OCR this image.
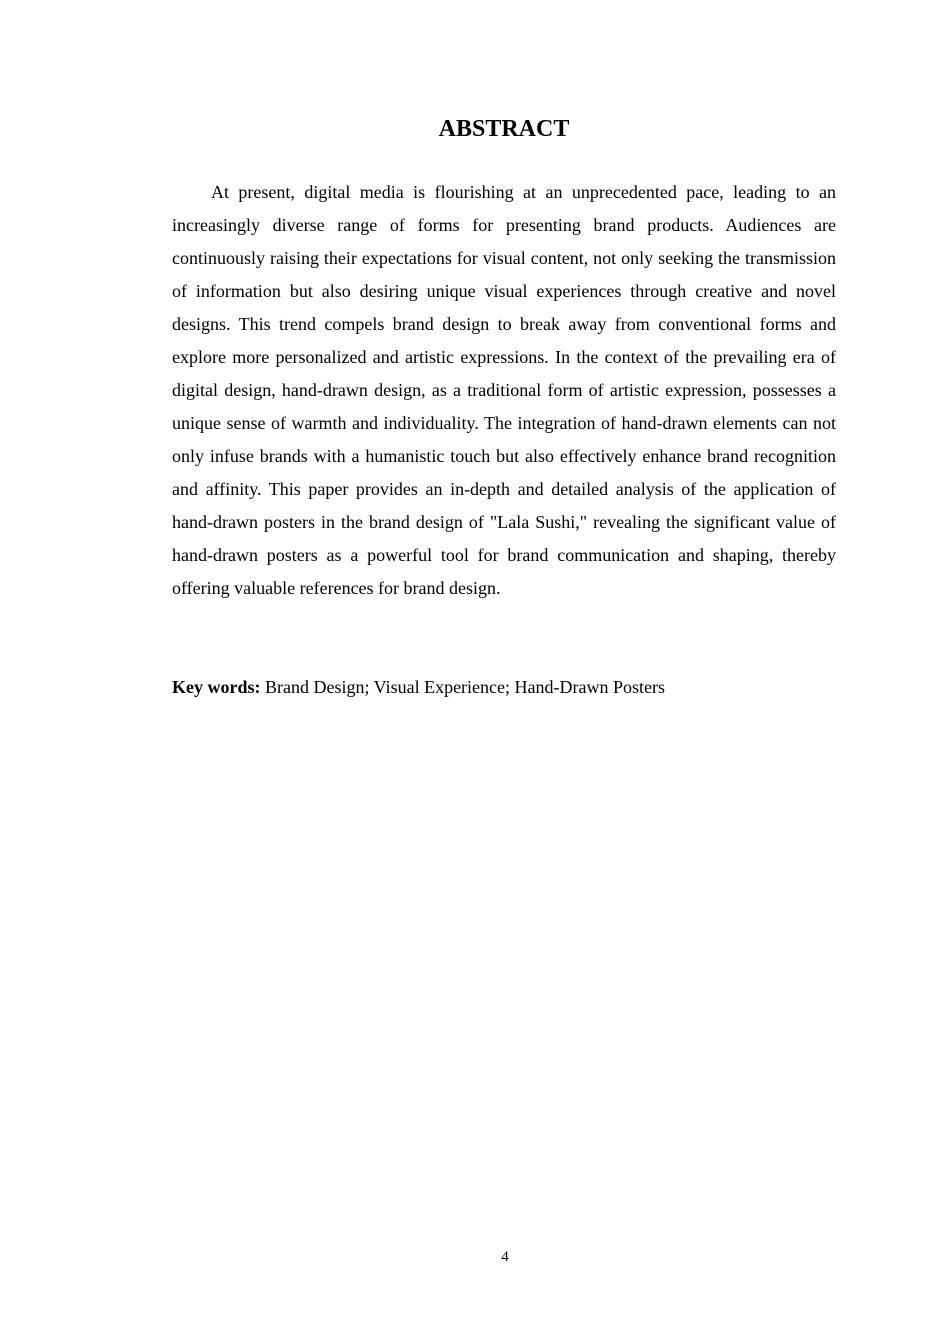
ABSTRACT

At present, digital media is flourishing at an unprecedented pace, leading to an increasingly diverse range of forms for presenting brand products. Audiences are continuously raising their expectations for visual content, not only seeking the transmission of information but also desiring unique visual experiences through creative and novel designs. This trend compels brand design to break away from conventional forms and explore more personalized and artistic expressions. In the context of the prevailing era of digital design, hand-drawn design, as a traditional form of artistic expression, possesses a unique sense of warmth and individuality. The integration of hand-drawn elements can not only infuse brands with a humanistic touch but also effectively enhance brand recognition and affinity. This paper provides an in-depth and detailed analysis of the application of hand-drawn posters in the brand design of "Lala Sushi," revealing the significant value of hand-drawn posters as a powerful tool for brand communication and shaping, thereby offering valuable references for brand design.

Key words: Brand Design; Visual Experience; Hand-Drawn Posters

4
